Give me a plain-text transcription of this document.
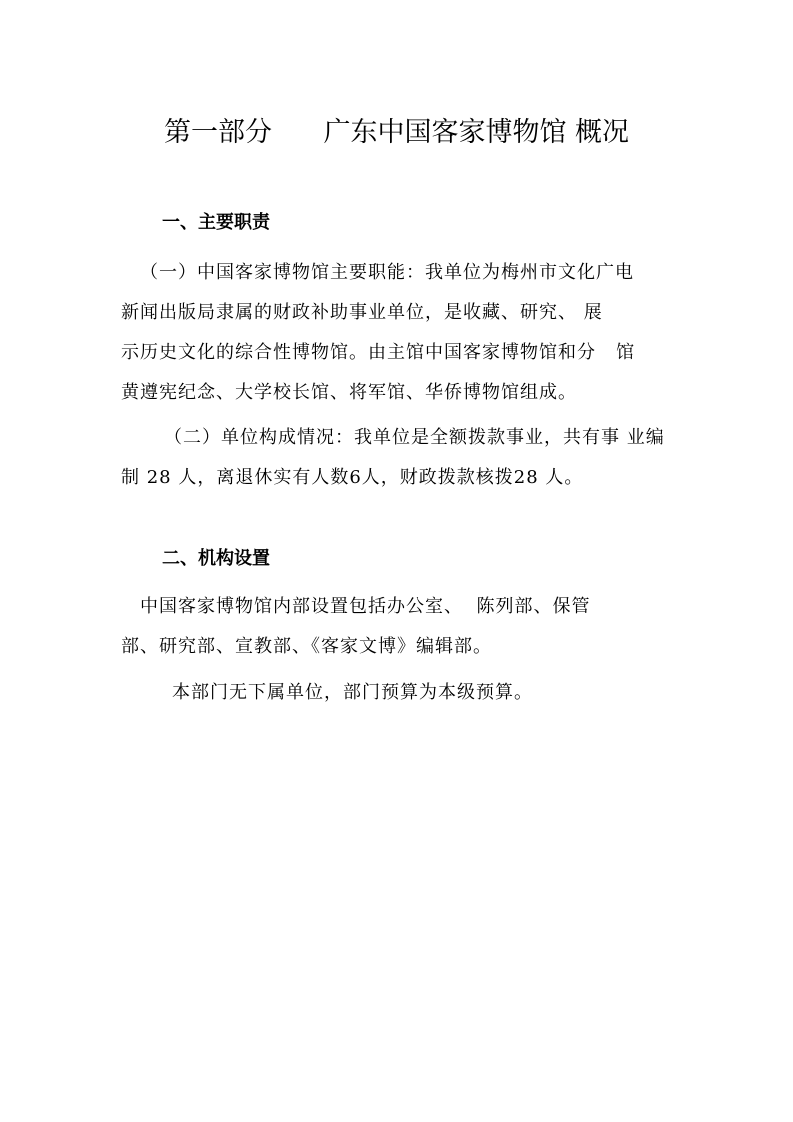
第一部分      广东中国客家博物馆 概况
一、主要职责
（一）中国客家博物馆主要职能：我单位为梅州市文化广电
新闻出版局隶属的财政补助事业单位，是收藏、研究、 展
示历史文化的综合性博物馆。由主馆中国客家博物馆和分   馆
黄遵宪纪念、大学校长馆、将军馆、华侨博物馆组成。
（二）单位构成情况：我单位是全额拨款事业，共有事 业编
制 28 人，离退休实有人数6人，财政拨款核拨28 人。
二、机构设置
中国客家博物馆内部设置包括办公室、  陈列部、保管
部、研究部、宣教部、《客家文博》编辑部。
本部门无下属单位，部门预算为本级预算。
